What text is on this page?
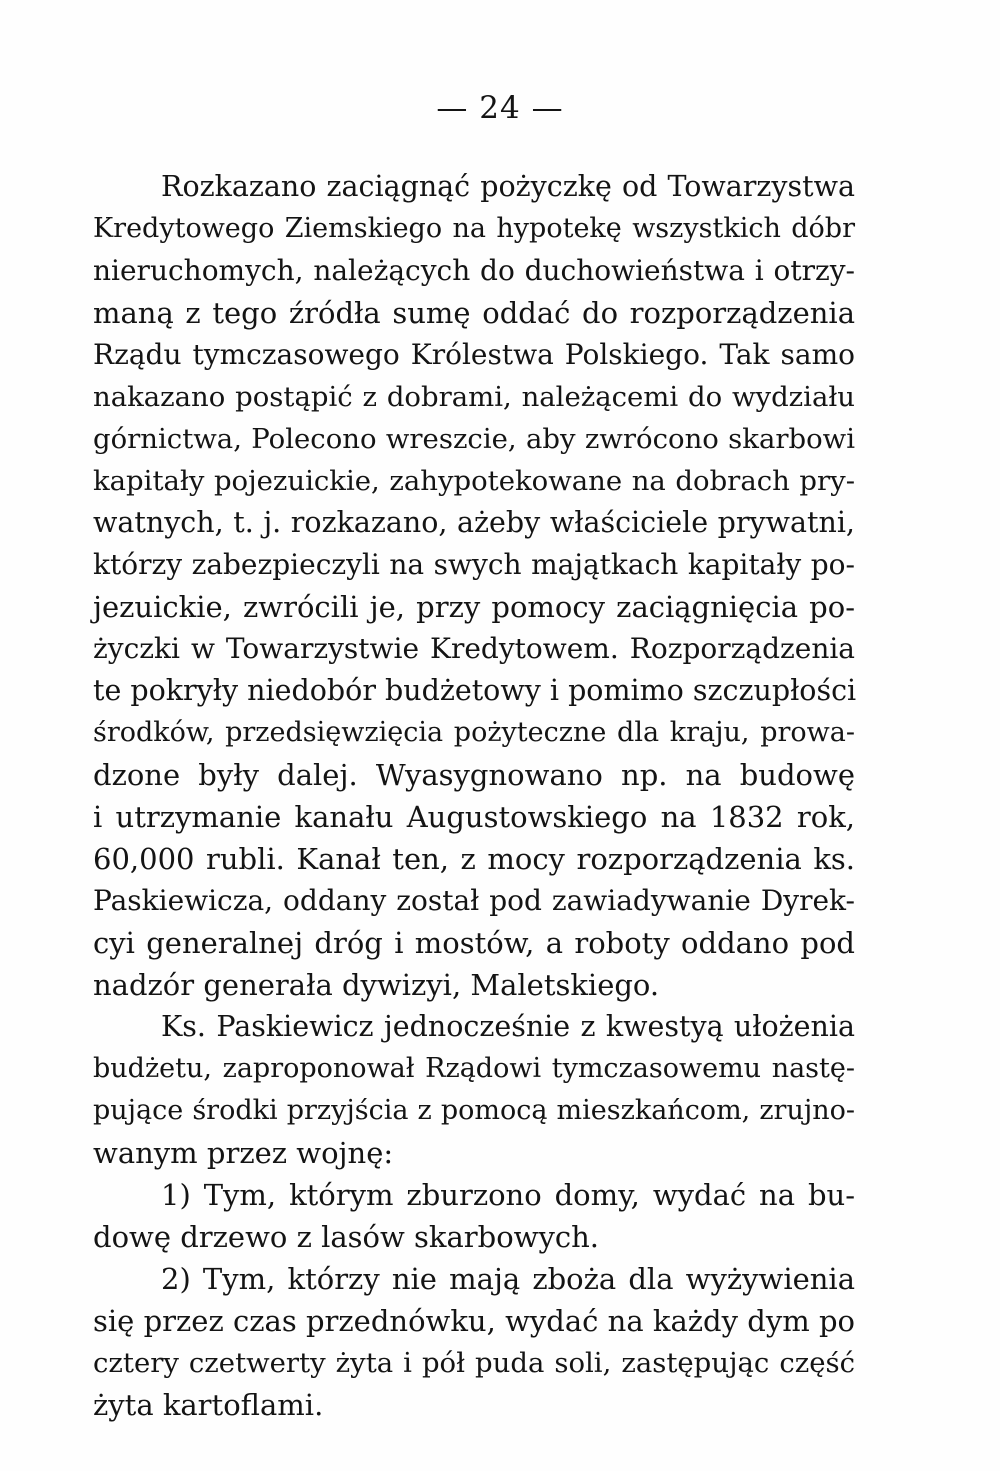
— 24 —
Rozkazano zaciągnąć pożyczkę od Towarzystwa
Kredytowego Ziemskiego na hypotekę wszystkich dóbr
nieruchomych, należących do duchowieństwa i otrzy-
maną z tego źródła sumę oddać do rozporządzenia
Rządu tymczasowego Królestwa Polskiego. Tak samo
nakazano postąpić z dobrami, należącemi do wydziału
górnictwa, Polecono wreszcie, aby zwrócono skarbowi
kapitały pojezuickie, zahypotekowane na dobrach pry-
watnych, t. j. rozkazano, ażeby właściciele prywatni,
którzy zabezpieczyli na swych majątkach kapitały po-
jezuickie, zwrócili je, przy pomocy zaciągnięcia po-
życzki w Towarzystwie Kredytowem. Rozporządzenia
te pokryły niedobór budżetowy i pomimo szczupłości
środków, przedsięwzięcia pożyteczne dla kraju, prowa-
dzone były dalej. Wyasygnowano np. na budowę
i utrzymanie kanału Augustowskiego na 1832 rok,
60,000 rubli. Kanał ten, z mocy rozporządzenia ks.
Paskiewicza, oddany został pod zawiadywanie Dyrek-
cyi generalnej dróg i mostów, a roboty oddano pod
nadzór generała dywizyi, Maletskiego.
Ks. Paskiewicz jednocześnie z kwestyą ułożenia
budżetu, zaproponował Rządowi tymczasowemu nastę-
pujące środki przyjścia z pomocą mieszkańcom, zrujno-
wanym przez wojnę:
1) Tym, którym zburzono domy, wydać na bu-
dowę drzewo z lasów skarbowych.
2) Tym, którzy nie mają zboża dla wyżywienia
się przez czas przednówku, wydać na każdy dym po
cztery czetwerty żyta i pół puda soli, zastępując część
żyta kartoflami.
